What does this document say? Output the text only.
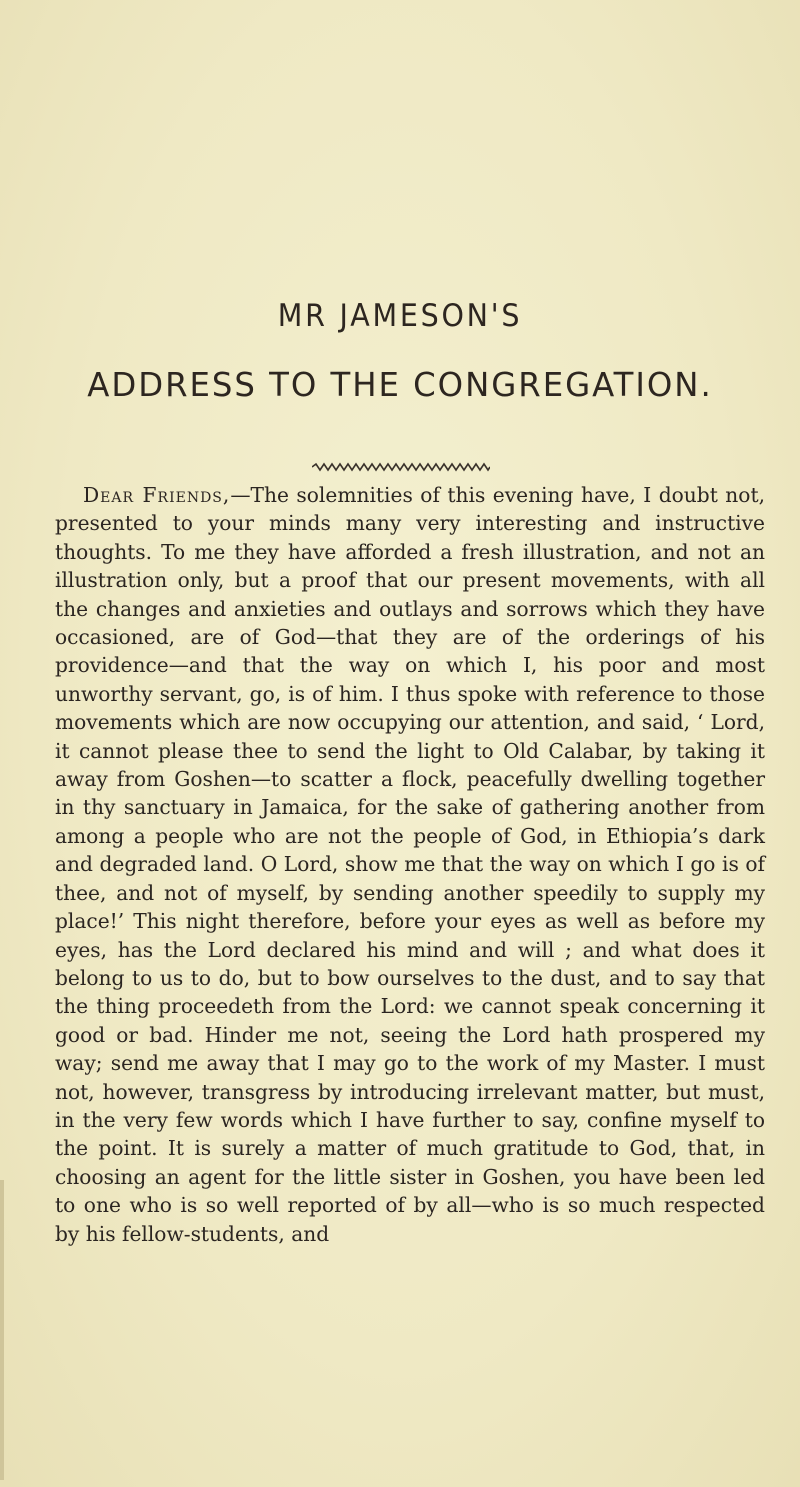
MR JAMESON'S
ADDRESS TO THE CONGREGATION.

Dear Friends,—The solemnities of this evening have, I doubt not, presented to your minds many very interesting and instructive thoughts. To me they have afforded a fresh illustration, and not an illustration only, but a proof that our present movements, with all the changes and anxieties and outlays and sorrows which they have occasioned, are of God—that they are of the orderings of his providence—and that the way on which I, his poor and most unworthy servant, go, is of him. I thus spoke with reference to those movements which are now occupying our attention, and said, ‘ Lord, it cannot please thee to send the light to Old Calabar, by taking it away from Goshen—to scatter a flock, peacefully dwelling together in thy sanctuary in Jamaica, for the sake of gathering another from among a people who are not the people of God, in Ethiopia’s dark and degraded land. O Lord, show me that the way on which I go is of thee, and not of myself, by sending another speedily to supply my place!’ This night therefore, before your eyes as well as before my eyes, has the Lord declared his mind and will ; and what does it belong to us to do, but to bow ourselves to the dust, and to say that the thing proceedeth from the Lord: we cannot speak concerning it good or bad. Hinder me not, seeing the Lord hath prospered my way; send me away that I may go to the work of my Master. I must not, however, transgress by introducing irrelevant matter, but must, in the very few words which I have further to say, confine myself to the point. It is surely a matter of much gratitude to God, that, in choosing an agent for the little sister in Goshen, you have been led to one who is so well reported of by all—who is so much respected by his fellow-students, and
